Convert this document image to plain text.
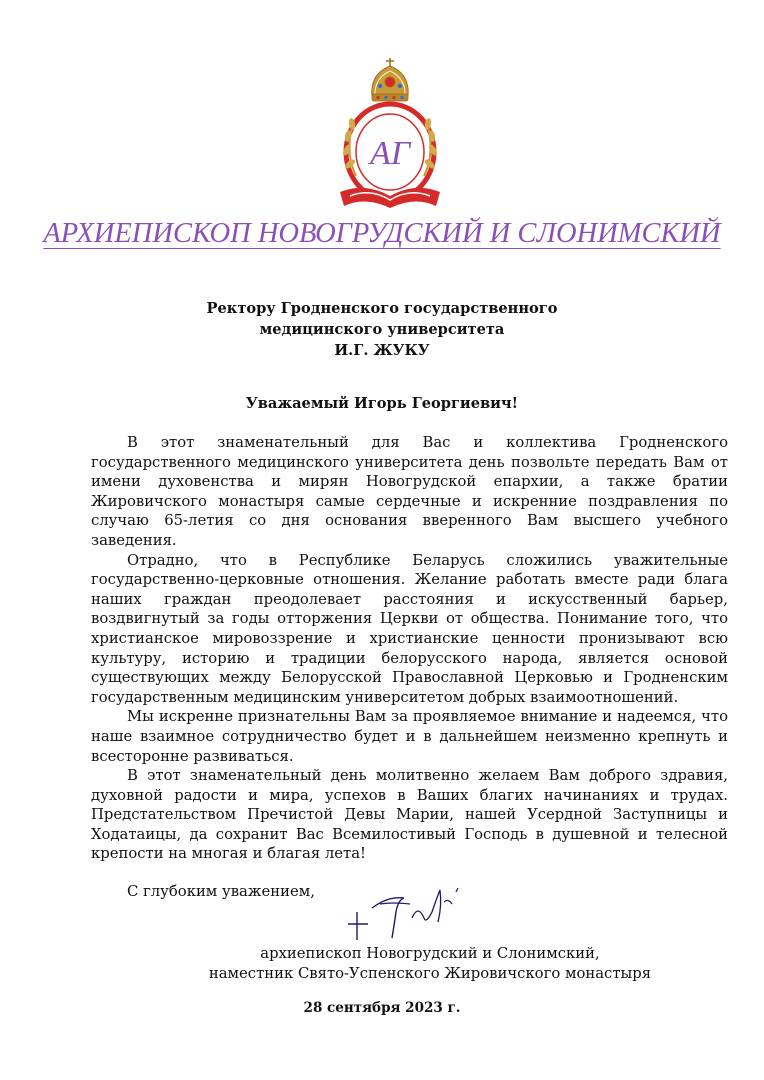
АГ
АРХИЕПИСКОП НОВОГРУДСКИЙ И СЛОНИМСКИЙ
Ректору Гродненского государственного
медицинского университета
И.Г. ЖУКУ
Уважаемый Игорь Георгиевич!

В этот знаменательный для Вас и коллектива Гродненского государственного медицинского университета день позвольте передать Вам от имени духовенства и мирян Новогрудской епархии, а также братии Жировичского монастыря самые сердечные и искренние поздравления по случаю 65-летия со дня основания вверенного Вам высшего учебного заведения.

Отрадно, что в Республике Беларусь сложились уважительные государственно-церковные отношения. Желание работать вместе ради блага наших граждан преодолевает расстояния и искусственный барьер, воздвигнутый за годы отторжения Церкви от общества. Понимание того, что христианское мировоззрение и христианские ценности пронизывают всю культуру, историю и традиции белорусского народа, является основой существующих между Белорусской Православной Церковью и Гродненским государственным медицинским университетом добрых взаимоотношений.

Мы искренне признательны Вам за проявляемое внимание и надеемся, что наше взаимное сотрудничество будет и в дальнейшем неизменно крепнуть и всесторонне развиваться.

В этот знаменательный день молитвенно желаем Вам доброго здравия, духовной радости и мира, успехов в Ваших благих начинаниях и трудах. Предстательством Пречистой Девы Марии, нашей Усердной Заступницы и Ходатаицы, да сохранит Вас Всемилостивый Господь в душевной и телесной крепости на многая и благая лета!

С глубоким уважением,
архиепископ Новогрудский и Слонимский,
наместник Свято-Успенского Жировичского монастыря
28 сентября 2023 г.
